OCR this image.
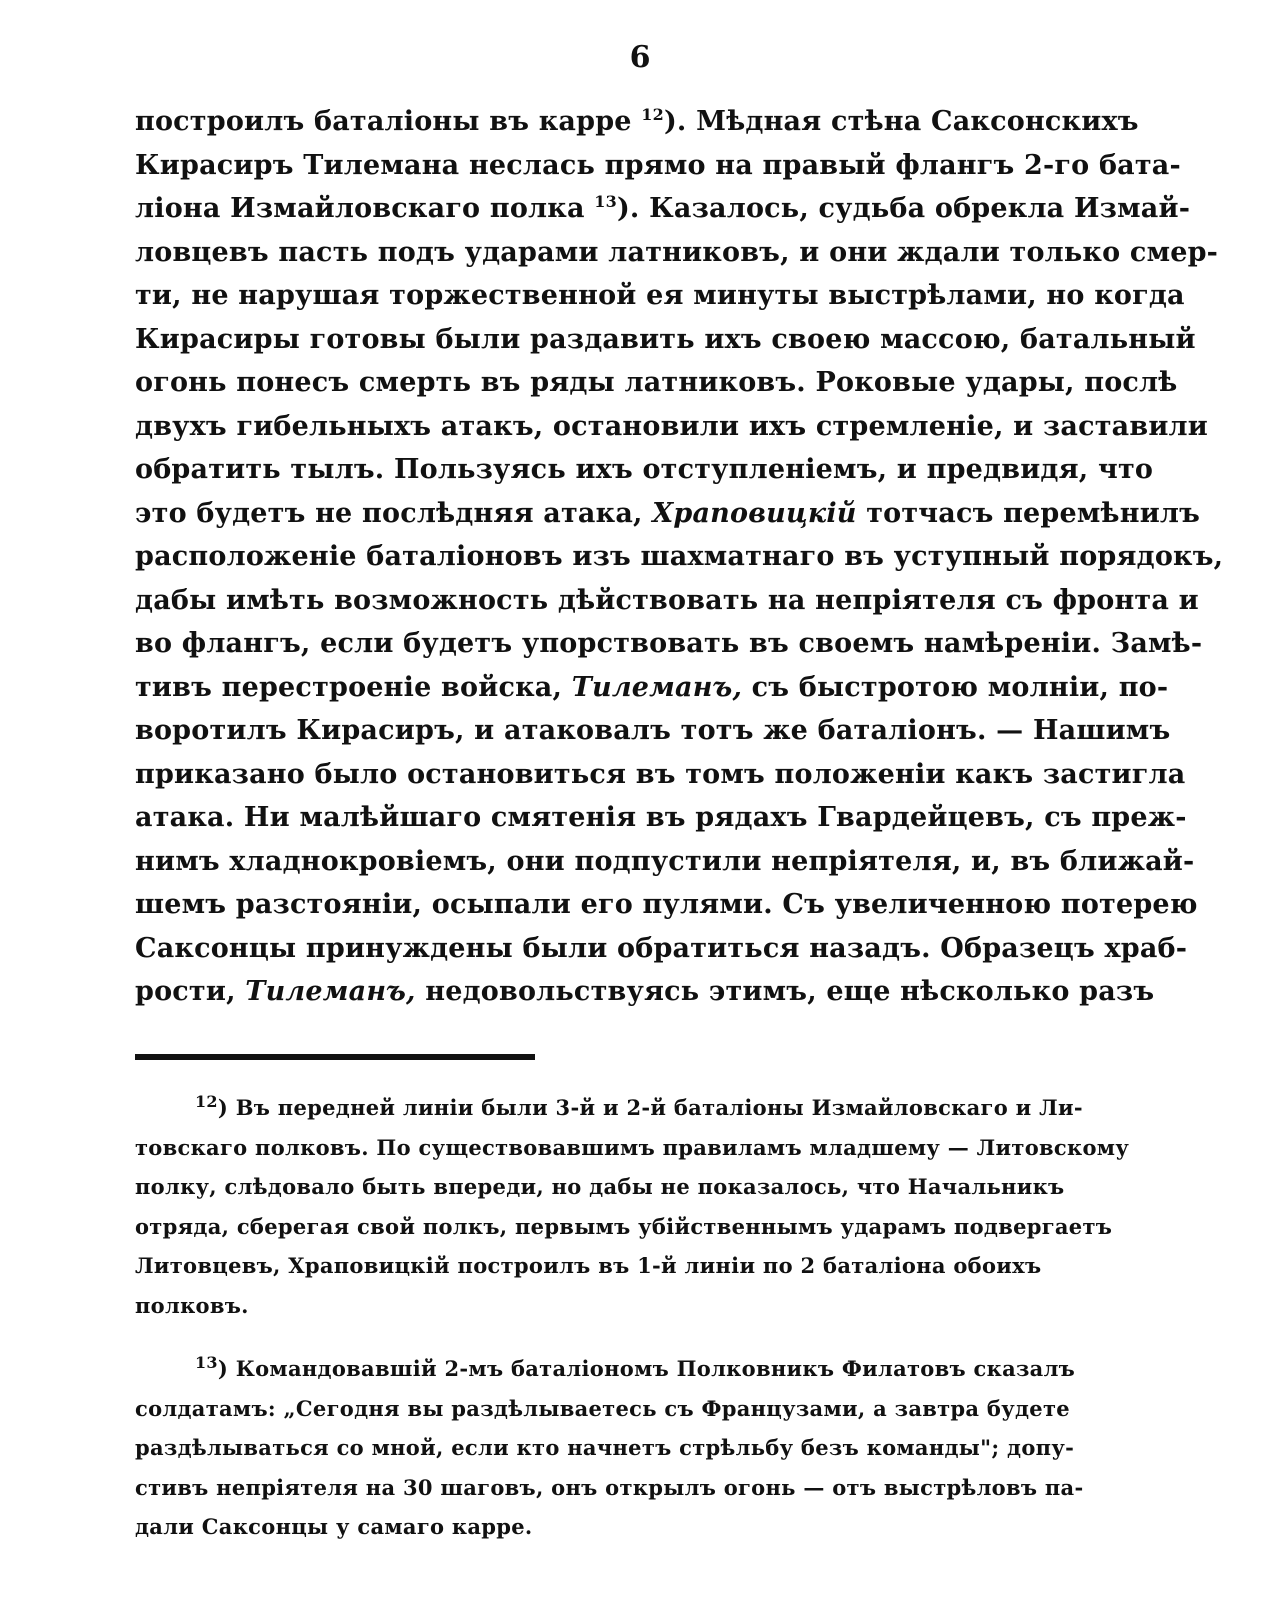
6
построилъ баталіоны въ карре $^{12}$). Мѣдная стѣна Саксонскихъ
Кирасиръ Тилемана неслась прямо на правый флангъ 2-го бата-
ліона Измайловскаго полка $^{13}$). Казалось, судьба обрекла Измай-
ловцевъ пасть подъ ударами латниковъ, и они ждали только смер-
ти, не нарушая торжественной ея минуты выстрѣлами, но когда
Кирасиры готовы были раздавить ихъ своею массою, батальный
огонь понесъ смерть въ ряды латниковъ. Роковые удары, послѣ
двухъ гибельныхъ атакъ, остановили ихъ стремленіе, и заставили
обратить тылъ. Пользуясь ихъ отступленіемъ, и предвидя, что
это будетъ не послѣдняя атака, Храповицкій тотчасъ перемѣнилъ
расположеніе баталіоновъ изъ шахматнаго въ уступный порядокъ,
дабы имѣть возможность дѣйствовать на непріятеля съ фронта и
во флангъ, если будетъ упорствовать въ своемъ намѣреніи. Замѣ-
тивъ перестроеніе войска, Тилеманъ, съ быстротою молніи, по-
воротилъ Кирасиръ, и атаковалъ тотъ же баталіонъ. — Нашимъ
приказано было остановиться въ томъ положеніи какъ застигла
атака. Ни малѣйшаго смятенія въ рядахъ Гвардейцевъ, съ преж-
нимъ хладнокровіемъ, они подпустили непріятеля, и, въ ближай-
шемъ разстояніи, осыпали его пулями. Съ увеличенною потерею
Саксонцы принуждены были обратиться назадъ. Образецъ храб-
рости, Тилеманъ, недовольствуясь этимъ, еще нѣсколько разъ
$^{12}$) Въ передней линіи были 3-й и 2-й баталіоны Измайловскаго и Ли-
товскаго полковъ. По существовавшимъ правиламъ младшему — Литовскому
полку, слѣдовало быть впереди, но дабы не показалось, что Начальникъ
отряда, сберегая свой полкъ, первымъ убійственнымъ ударамъ подвергаетъ
Литовцевъ, Храповицкій построилъ въ 1-й линіи по 2 баталіона обоихъ
полковъ.
$^{13}$) Командовавшій 2-мъ баталіономъ Полковникъ Филатовъ сказалъ
солдатамъ: „Сегодня вы раздѣлываетесь съ Французами, а завтра будете
раздѣлываться со мной, если кто начнетъ стрѣльбу безъ команды"; допу-
стивъ непріятеля на 30 шаговъ, онъ открылъ огонь — отъ выстрѣловъ па-
дали Саксонцы у самаго карре.
